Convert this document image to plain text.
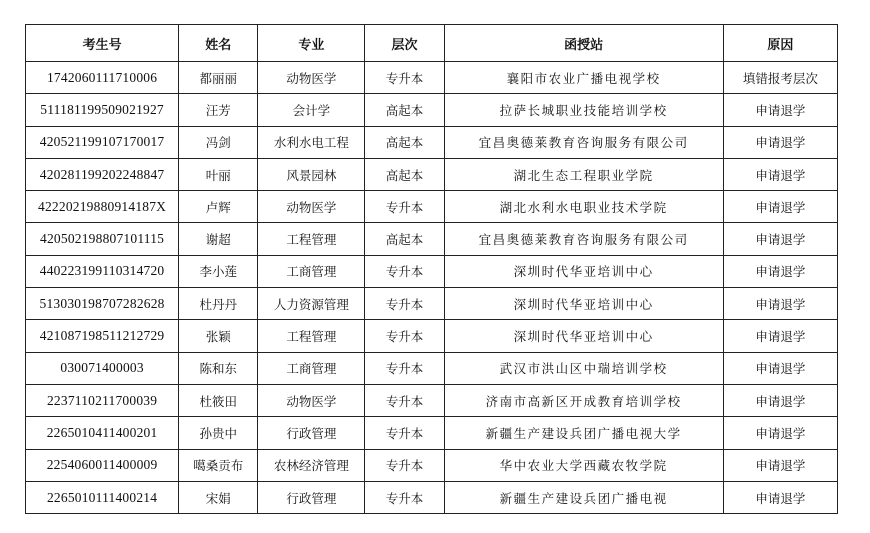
考生号	姓名	专业	层次	函授站	原因
1742060111710006	都丽丽	动物医学	专升本	襄阳市农业广播电视学校	填错报考层次
511181199509021927	汪芳	会计学	高起本	拉萨长城职业技能培训学校	申请退学
420521199107170017	冯剑	水利水电工程	高起本	宜昌奥德莱教育咨询服务有限公司	申请退学
420281199202248847	叶丽	风景园林	高起本	湖北生态工程职业学院	申请退学
42220219880914187X	卢辉	动物医学	专升本	湖北水利水电职业技术学院	申请退学
420502198807101115	谢超	工程管理	高起本	宜昌奥德莱教育咨询服务有限公司	申请退学
440223199110314720	李小莲	工商管理	专升本	深圳时代华亚培训中心	申请退学
513030198707282628	杜丹丹	人力资源管理	专升本	深圳时代华亚培训中心	申请退学
421087198511212729	张颖	工程管理	专升本	深圳时代华亚培训中心	申请退学
030071400003	陈和东	工商管理	专升本	武汉市洪山区中瑞培训学校	申请退学
2237110211700039	杜筱田	动物医学	专升本	济南市高新区开成教育培训学校	申请退学
2265010411400201	孙贵中	行政管理	专升本	新疆生产建设兵团广播电视大学	申请退学
2254060011400009	噶桑贡布	农林经济管理	专升本	华中农业大学西藏农牧学院	申请退学
2265010111400214	宋娟	行政管理	专升本	新疆生产建设兵团广播电视	申请退学
